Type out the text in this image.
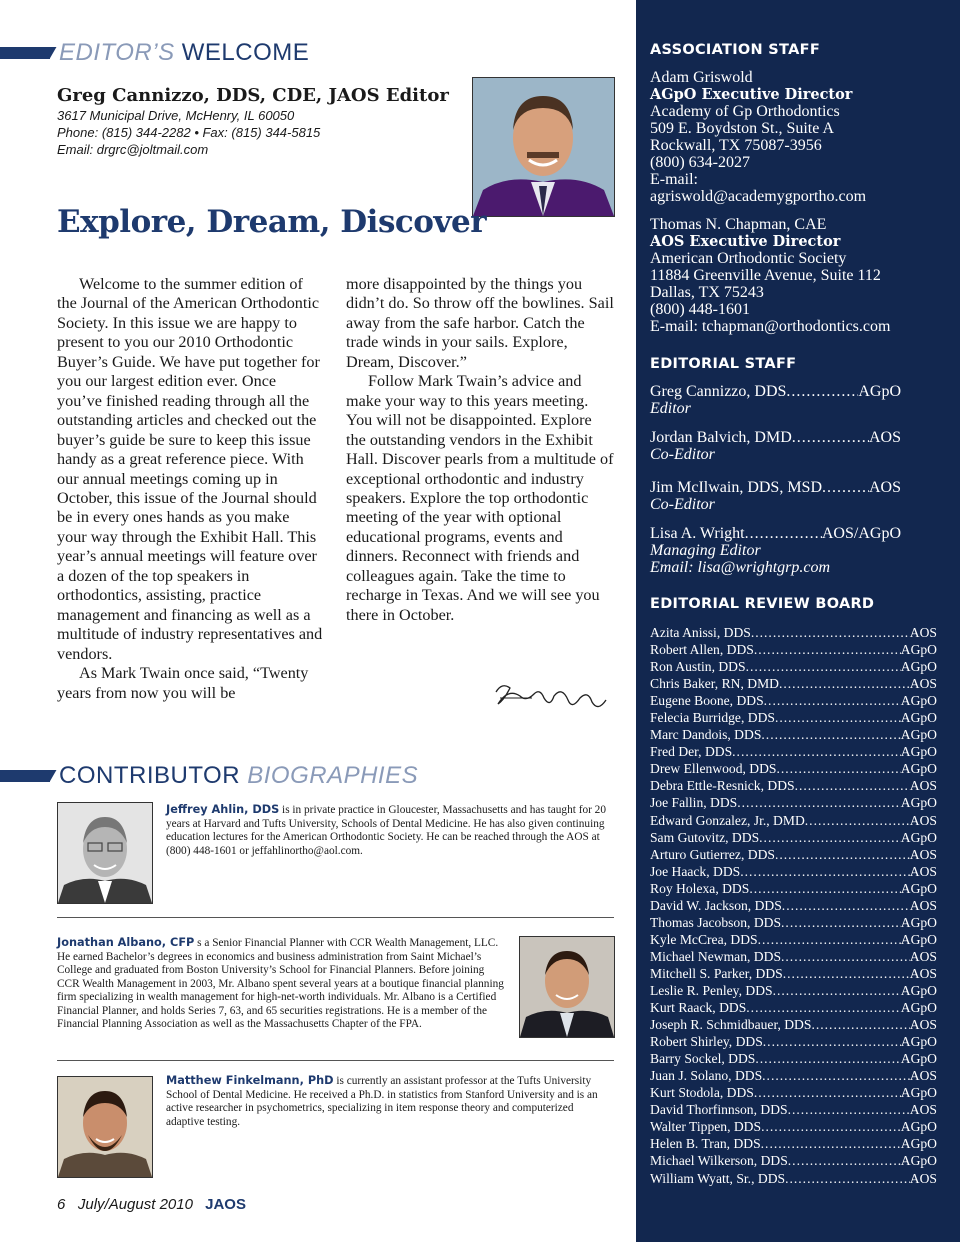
EDITOR’S WELCOME
Greg Cannizzo, DDS, CDE, JAOS Editor
3617 Municipal Drive, McHenry, IL 60050
Phone: (815) 344-2282 • Fax: (815) 344-5815
Email: drgrc@joltmail.com
Explore, Dream, Discover

Welcome to the summer edition of the Journal of the American Orthodontic Society. In this issue we are happy to present to you our 2010 Orthodontic Buyer’s Guide. We have put together for you our largest edition ever. Once you’ve finished reading through all the outstanding articles and checked out the buyer’s guide be sure to keep this issue handy as a great reference piece. With our annual meetings coming up in October, this issue of the Journal should be in every ones hands as you make your way through the Exhibit Hall. This year’s annual meetings will feature over a dozen of the top speakers in orthodontics, assisting, practice management and financing as well as a multitude of industry representatives and vendors.

As Mark Twain once said, “Twenty years from now you will be

more disappointed by the things you didn’t do. So throw off the bowlines. Sail away from the safe harbor. Catch the trade winds in your sails. Explore, Dream, Discover.”

Follow Mark Twain’s advice and make your way to this years meeting. You will not be disappointed. Explore the outstanding vendors in the Exhibit Hall. Discover pearls from a multitude of exceptional orthodontic and industry speakers. Explore the top orthodontic meeting of the year with optional educational programs, events and dinners. Reconnect with friends and colleagues again. Take the time to recharge in Texas. And we will see you there in October.

CONTRIBUTOR BIOGRAPHIES
Jeffrey Ahlin, DDS is in private practice in Gloucester, Massachusetts and has taught for 20 years at Harvard and Tufts University, Schools of Dental Medicine. He has also given continuing education lectures for the American Orthodontic Society. He can be reached through the AOS at (800) 448-1601 or jeffahlinortho@aol.com.
Jonathan Albano, CFP s a Senior Financial Planner with CCR Wealth Management, LLC. He earned Bachelor’s degrees in economics and business administration from Saint Michael’s College and graduated from Boston University’s School for Financial Planners. Before joining CCR Wealth Management in 2003, Mr. Albano spent several years at a boutique financial planning firm specializing in wealth management for high-net-worth individuals. Mr. Albano is a Certified Financial Planner, and holds Series 7, 63, and 65 securities registrations. He is a member of the Financial Planning Association as well as the Massachusetts Chapter of the FPA.
Matthew Finkelmann, PhD is currently an assistant professor at the Tufts University School of Dental Medicine. He received a Ph.D. in statistics from Stanford University and is an active researcher in psychometrics, specializing in item response theory and computerized adaptive testing.
6 July/August 2010 JAOS
ASSOCIATION STAFF
Adam Griswold
AGpO Executive Director
Academy of Gp Orthodontics
509 E. Boydston St., Suite A
Rockwall, TX 75087-3956
(800) 634-2027
E-mail:
agriswold@academygportho.com
Thomas N. Chapman, CAE
AOS Executive Director
American Orthodontic Society
11884 Greenville Avenue, Suite 112
Dallas, TX 75243
(800) 448-1601
E-mail: tchapman@orthodontics.com
EDITORIAL STAFF
Greg Cannizzo, DDS .....	AGpO
Editor
Jordan Balvich, DMD .....	AOS
Co-Editor
Jim McIlwain, DDS, MSD .....	AOS
Co-Editor
Lisa A. Wright .....	AOS/AGpO
Managing Editor
Email: lisa@wrightgrp.com
EDITORIAL REVIEW BOARD
Azita Anissi, DDS .....	AOS
Robert Allen, DDS .....	AGpO
Ron Austin, DDS .....	AGpO
Chris Baker, RN, DMD .....	AOS
Eugene Boone, DDS .....	AGpO
Felecia Burridge, DDS .....	AGpO
Marc Dandois, DDS .....	AGpO
Fred Der, DDS .....	AGpO
Drew Ellenwood, DDS .....	AGpO
Debra Ettle-Resnick, DDS .....	AOS
Joe Fallin, DDS .....	AGpO
Edward Gonzalez, Jr., DMD .....	AOS
Sam Gutovitz, DDS .....	AGpO
Arturo Gutierrez, DDS .....	AOS
Joe Haack, DDS .....	AOS
Roy Holexa, DDS .....	AGpO
David W. Jackson, DDS .....	AOS
Thomas Jacobson, DDS .....	AGpO
Kyle McCrea, DDS .....	AGpO
Michael Newman, DDS .....	AOS
Mitchell S. Parker, DDS .....	AOS
Leslie R. Penley, DDS .....	AGpO
Kurt Raack, DDS .....	AGpO
Joseph R. Schmidbauer, DDS .....	AOS
Robert Shirley, DDS .....	AGpO
Barry Sockel, DDS .....	AGpO
Juan J. Solano, DDS .....	AOS
Kurt Stodola, DDS .....	AGpO
David Thorfinnson, DDS .....	AOS
Walter Tippen, DDS .....	AGpO
Helen B. Tran, DDS .....	AGpO
Michael Wilkerson, DDS .....	AGpO
William Wyatt, Sr., DDS .....	AOS
